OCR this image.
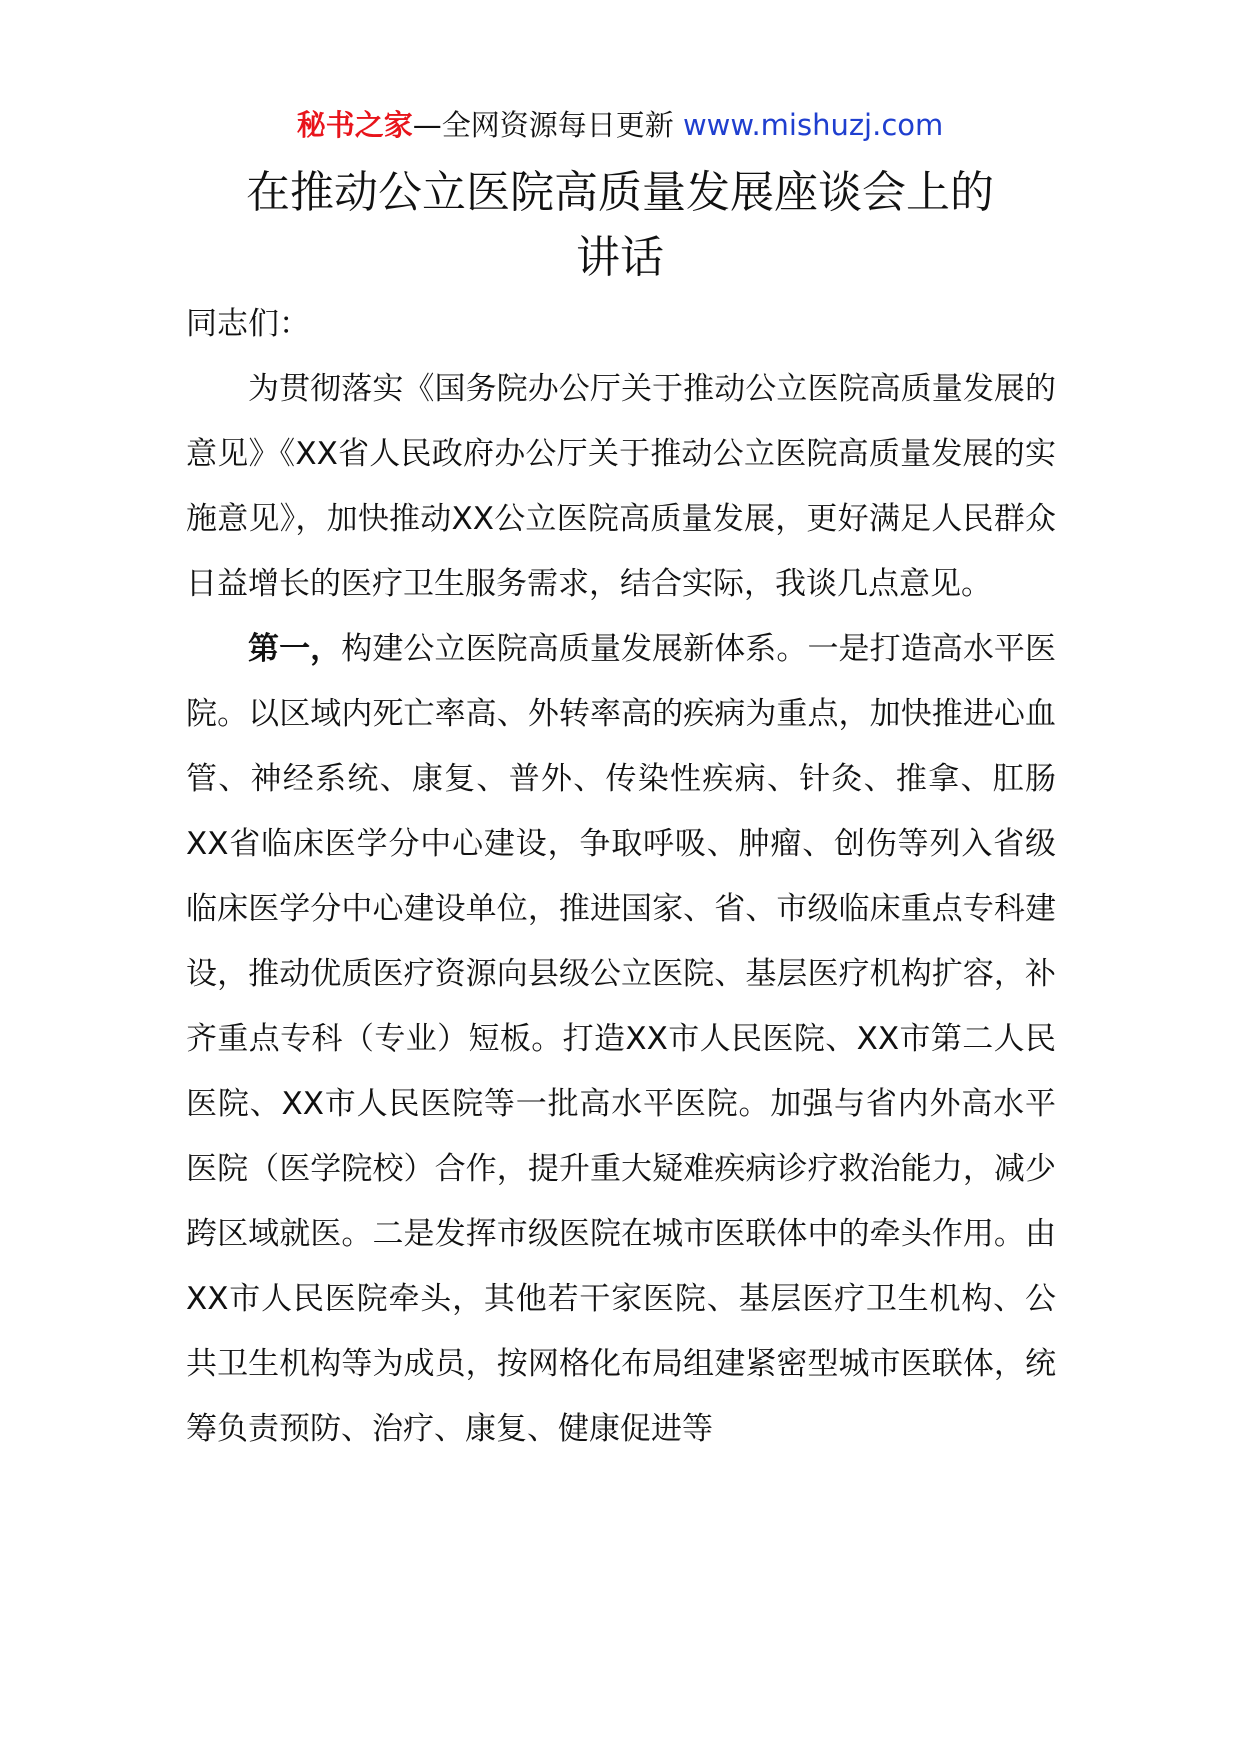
秘书之家—全网资源每日更新 www.mishuzj.com
在推动公立医院高质量发展座谈会上的
讲话

同志们：

为贯彻落实《国务院办公厅关于推动公立医院高质量发展的意见》《XX省人民政府办公厅关于推动公立医院高质量发展的实施意见》，加快推动XX公立医院高质量发展，更好满足人民群众日益增长的医疗卫生服务需求，结合实际，我谈几点意见。

第一，构建公立医院高质量发展新体系。一是打造高水平医院。以区域内死亡率高、外转率高的疾病为重点，加快推进心血管、神经系统、康复、普外、传染性疾病、针灸、推拿、肛肠XX省临床医学分中心建设，争取呼吸、肿瘤、创伤等列入省级临床医学分中心建设单位，推进国家、省、市级临床重点专科建设，推动优质医疗资源向县级公立医院、基层医疗机构扩容，补齐重点专科（专业）短板。打造XX市人民医院、XX市第二人民医院、XX市人民医院等一批高水平医院。加强与省内外高水平医院（医学院校）合作，提升重大疑难疾病诊疗救治能力，减少跨区域就医。二是发挥市级医院在城市医联体中的牵头作用。由XX市人民医院牵头，其他若干家医院、基层医疗卫生机构、公共卫生机构等为成员，按网格化布局组建紧密型城市医联体，统筹负责预防、治疗、康复、健康促进等
